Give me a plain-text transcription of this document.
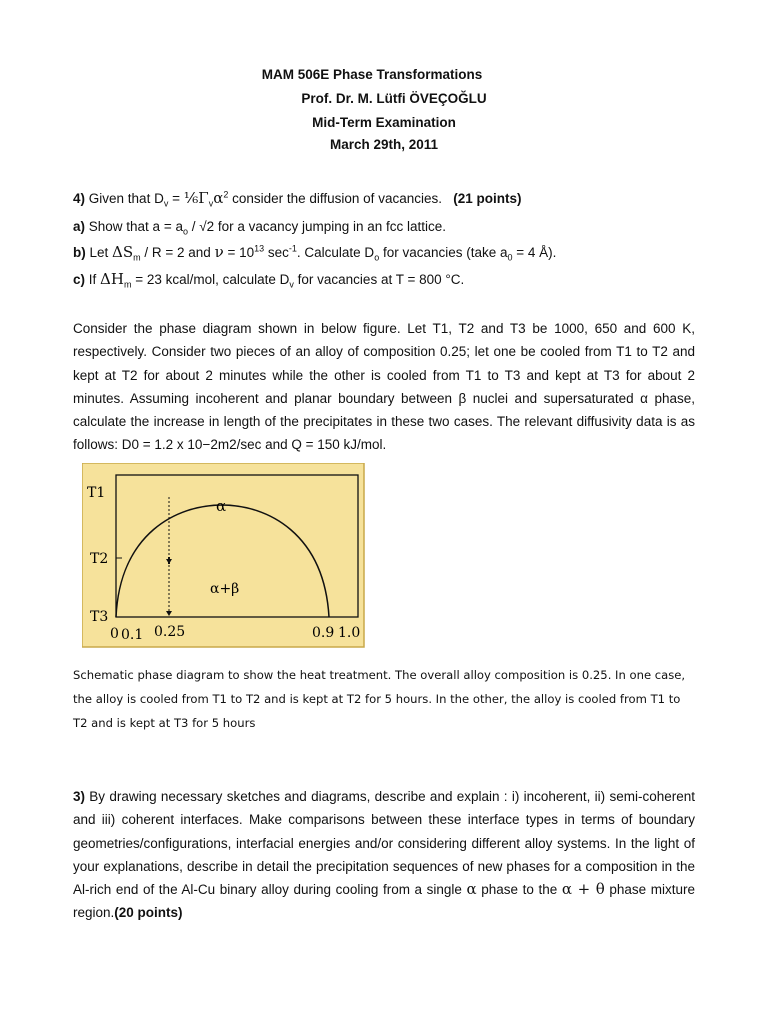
MAM 506E Phase Transformations
Prof. Dr. M. Lütfi ÖVEÇOĞLU
Mid-Term Examination
March 29th, 2011
4) Given that $D_v$ = $\frac{1}{6}\Gamma_v\alpha^2$ consider the diffusion of vacancies. (21 points)
a) Show that $a = a_o / √2$ for a vacancy jumping in an fcc lattice.
b) Let $\Delta S_m / R = 2$ and $\nu = 10^{13}$ $\sec^{-1}$. Calculate $D_o$ for vacancies (take $a_0 = 4$ Å).
c) If $\Delta H_m = 23$ kcal/mol, calculate $D_v$ for vacancies at T = 800 °C.
Consider the phase diagram shown in below figure. Let T1, T2 and T3 be 1000, 650 and 600 K, respectively. Consider two pieces of an alloy of composition 0.25; let one be cooled from T1 to T2 and kept at T2 for about 2 minutes while the other is cooled from T1 to T3 and kept at T3 for about 2 minutes. Assuming incoherent and planar boundary between β nuclei and supersaturated α phase, calculate the increase in length of the precipitates in these two cases. The relevant diffusivity data is as follows: D0 = 1.2 x 10−2m2/sec and Q = 150 kJ/mol.
T1
T2
T3
α
α+β
0 0.1 0.25	0.9 1.0
Schematic phase diagram to show the heat treatment. The overall alloy composition is 0.25. In one case, the alloy is cooled from T1 to T2 and is kept at T2 for 5 hours. In the other, the alloy is cooled from T1 to T2 and is kept at T3 for 5 hours
3) By drawing necessary sketches and diagrams, describe and explain : i) incoherent, ii) semi-coherent and iii) coherent interfaces. Make comparisons between these interface types in terms of boundary geometries/configurations, interfacial energies and/or considering different alloy systems. In the light of your explanations, describe in detail the precipitation sequences of new phases for a composition in the Al-rich end of the Al-Cu binary alloy during cooling from a single α phase to the α + θ phase mixture region.(20 points)
